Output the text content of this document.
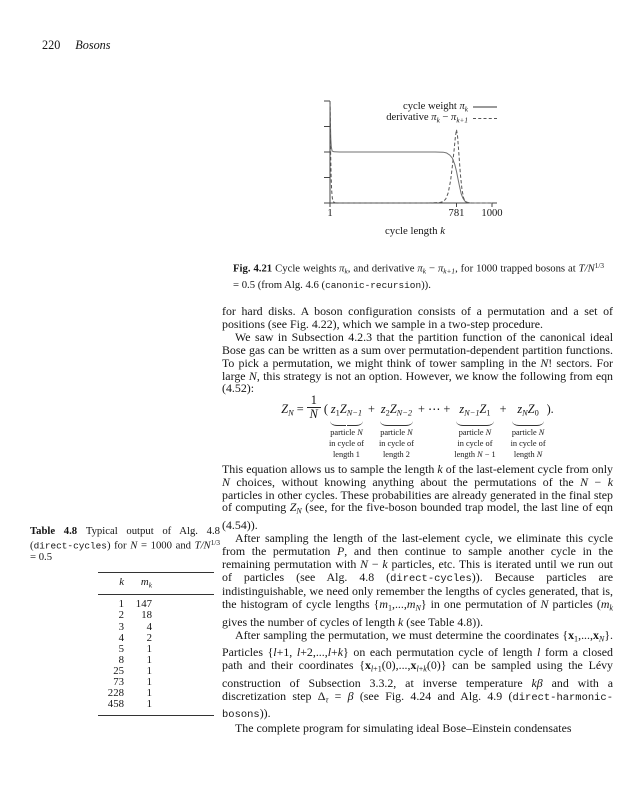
220 Bosons
cycle weight $\pi_k$
derivative $\pi_k - \pi_{k+1}$
1	781	1000
cycle length k
Fig. 4.21 Cycle weights $\pi_k$, and derivative $\pi_k - \pi_{k+1}$, for 1000 trapped bosons at $T/N^{1/3} = 0.5$ (from Alg. 4.6 (canonic-recursion)).
Table 4.8 Typical output of Alg. 4.8 (direct-cycles) for N = 1000 and $T/N^{1/3} = 0.5$
k	$m_k$
1	147
2	18
3	4
4	2
5	1
8	1
25	1
73	1
228	1
458	1

for hard disks. A boson configuration consists of a permutation and a set of positions (see Fig. 4.22), which we sample in a two-step procedure.

We saw in Subsection 4.2.3 that the partition function of the canonical ideal Bose gas can be written as a sum over permutation-dependent partition functions. To pick a permutation, we might think of tower sampling in the N! sectors. For large N, this strategy is not an option. However, we know the following from eqn (4.52):

$Z_N = \frac{1}{N}$ ( $z_1Z_{N-1}$
particle N
in cycle of
length 1
+ $z_2Z_{N-2}$
particle N
in cycle of
length 2
+ ⋯ + $z_{N-1}Z_1$
particle N
in cycle of
length N − 1
+ $z_NZ_0$
particle N
in cycle of
length N
).

This equation allows us to sample the length k of the last-element cycle from only N choices, without knowing anything about the permutations of the N − k particles in other cycles. These probabilities are already generated in the final step of computing $Z_N$ (see, for the five-boson bounded trap model, the last line of eqn (4.54)).

After sampling the length of the last-element cycle, we eliminate this cycle from the permutation P, and then continue to sample another cycle in the remaining permutation with N − k particles, etc. This is iterated until we run out of particles (see Alg. 4.8 (direct-cycles)). Because particles are indistinguishable, we need only remember the lengths of cycles generated, that is, the histogram of cycle lengths $\{m_1,...,m_N\}$ in one permutation of N particles ($m_k$ gives the number of cycles of length k (see Table 4.8)).

After sampling the permutation, we must determine the coordinates $\{x_1,...,x_N\}$. Particles {l+1, l+2,...,l+k} on each permutation cycle of length l form a closed path and their coordinates $\{x_{l+1}(0),...,x_{l+k}(0)\}$ can be sampled using the Lévy construction of Subsection 3.3.2, at inverse temperature kβ and with a discretization step $\Delta_\tau = \beta$ (see Fig. 4.24 and Alg. 4.9 (direct-harmonic-bosons)).

The complete program for simulating ideal Bose–Einstein condensates
